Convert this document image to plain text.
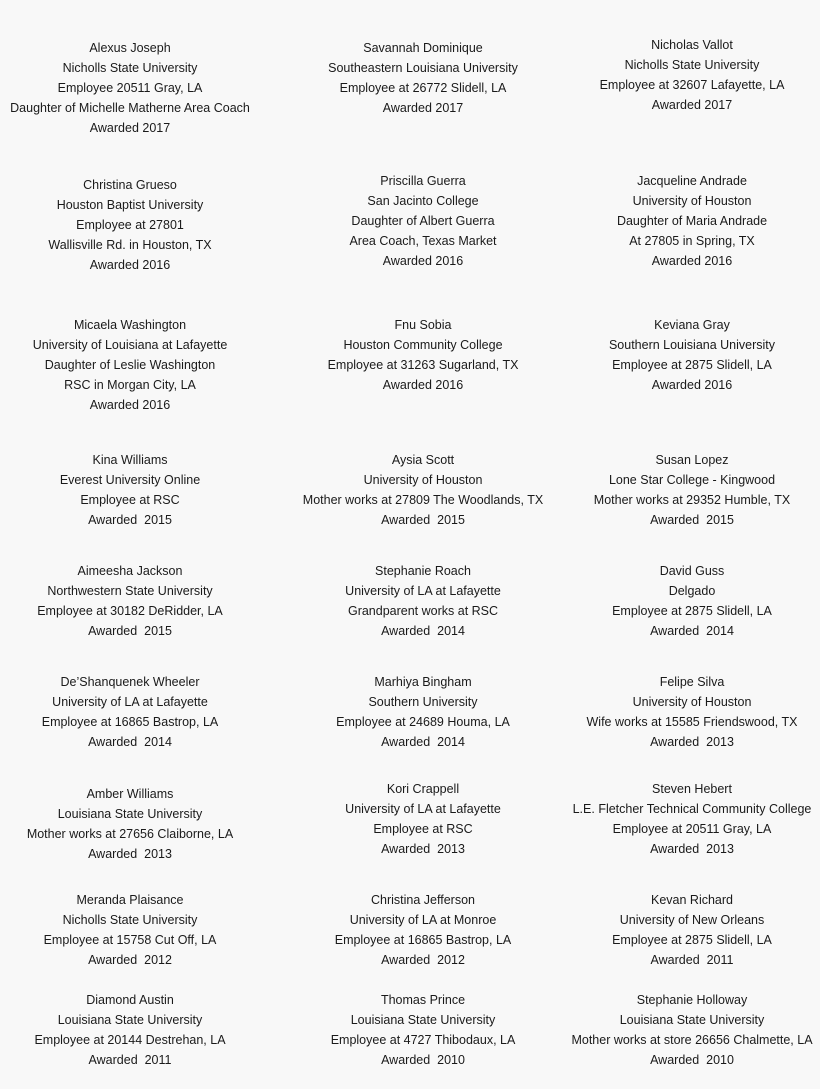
Alexus Joseph
Nicholls State University
Employee 20511 Gray, LA
Daughter of Michelle Matherne Area Coach
Awarded 2017
Savannah Dominique
Southeastern Louisiana University
Employee at 26772 Slidell, LA
Awarded 2017
Nicholas Vallot
Nicholls State University
Employee at 32607 Lafayette, LA
Awarded 2017
Christina Grueso
Houston Baptist University
Employee at 27801
Wallisville Rd. in Houston, TX
Awarded 2016
Priscilla Guerra
San Jacinto College
Daughter of Albert Guerra
Area Coach, Texas Market
Awarded 2016
Jacqueline Andrade
University of Houston
Daughter of Maria Andrade
At 27805 in Spring, TX
Awarded 2016
Micaela Washington
University of Louisiana at Lafayette
Daughter of Leslie Washington
RSC in Morgan City, LA
Awarded 2016
Fnu Sobia
Houston Community College
Employee at 31263 Sugarland, TX
Awarded 2016
Keviana Gray
Southern Louisiana University
Employee at 2875 Slidell, LA
Awarded 2016
Kina Williams
Everest University Online
Employee at RSC
Awarded  2015
Aysia Scott
University of Houston
Mother works at 27809 The Woodlands, TX
Awarded  2015
Susan Lopez
Lone Star College - Kingwood
Mother works at 29352 Humble, TX
Awarded  2015
Aimeesha Jackson
Northwestern State University
Employee at 30182 DeRidder, LA
Awarded  2015
Stephanie Roach
University of LA at Lafayette
Grandparent works at RSC
Awarded  2014
David Guss
Delgado
Employee at 2875 Slidell, LA
Awarded  2014
De’Shanquenek Wheeler
University of LA at Lafayette
Employee at 16865 Bastrop, LA
Awarded  2014
Marhiya Bingham
Southern University
Employee at 24689 Houma, LA
Awarded  2014
Felipe Silva
University of Houston
Wife works at 15585 Friendswood, TX
Awarded  2013
Amber Williams
Louisiana State University
Mother works at 27656 Claiborne, LA
Awarded  2013
Kori Crappell
University of LA at Lafayette
Employee at RSC
Awarded  2013
Steven Hebert
L.E. Fletcher Technical Community College
Employee at 20511 Gray, LA
Awarded  2013
Meranda Plaisance
Nicholls State University
Employee at 15758 Cut Off, LA
Awarded  2012
Christina Jefferson
University of LA at Monroe
Employee at 16865 Bastrop, LA
Awarded  2012
Kevan Richard
University of New Orleans
Employee at 2875 Slidell, LA
Awarded  2011
Diamond Austin
Louisiana State University
Employee at 20144 Destrehan, LA
Awarded  2011
Thomas Prince
Louisiana State University
Employee at 4727 Thibodaux, LA
Awarded  2010
Stephanie Holloway
Louisiana State University
Mother works at store 26656 Chalmette, LA
Awarded  2010
